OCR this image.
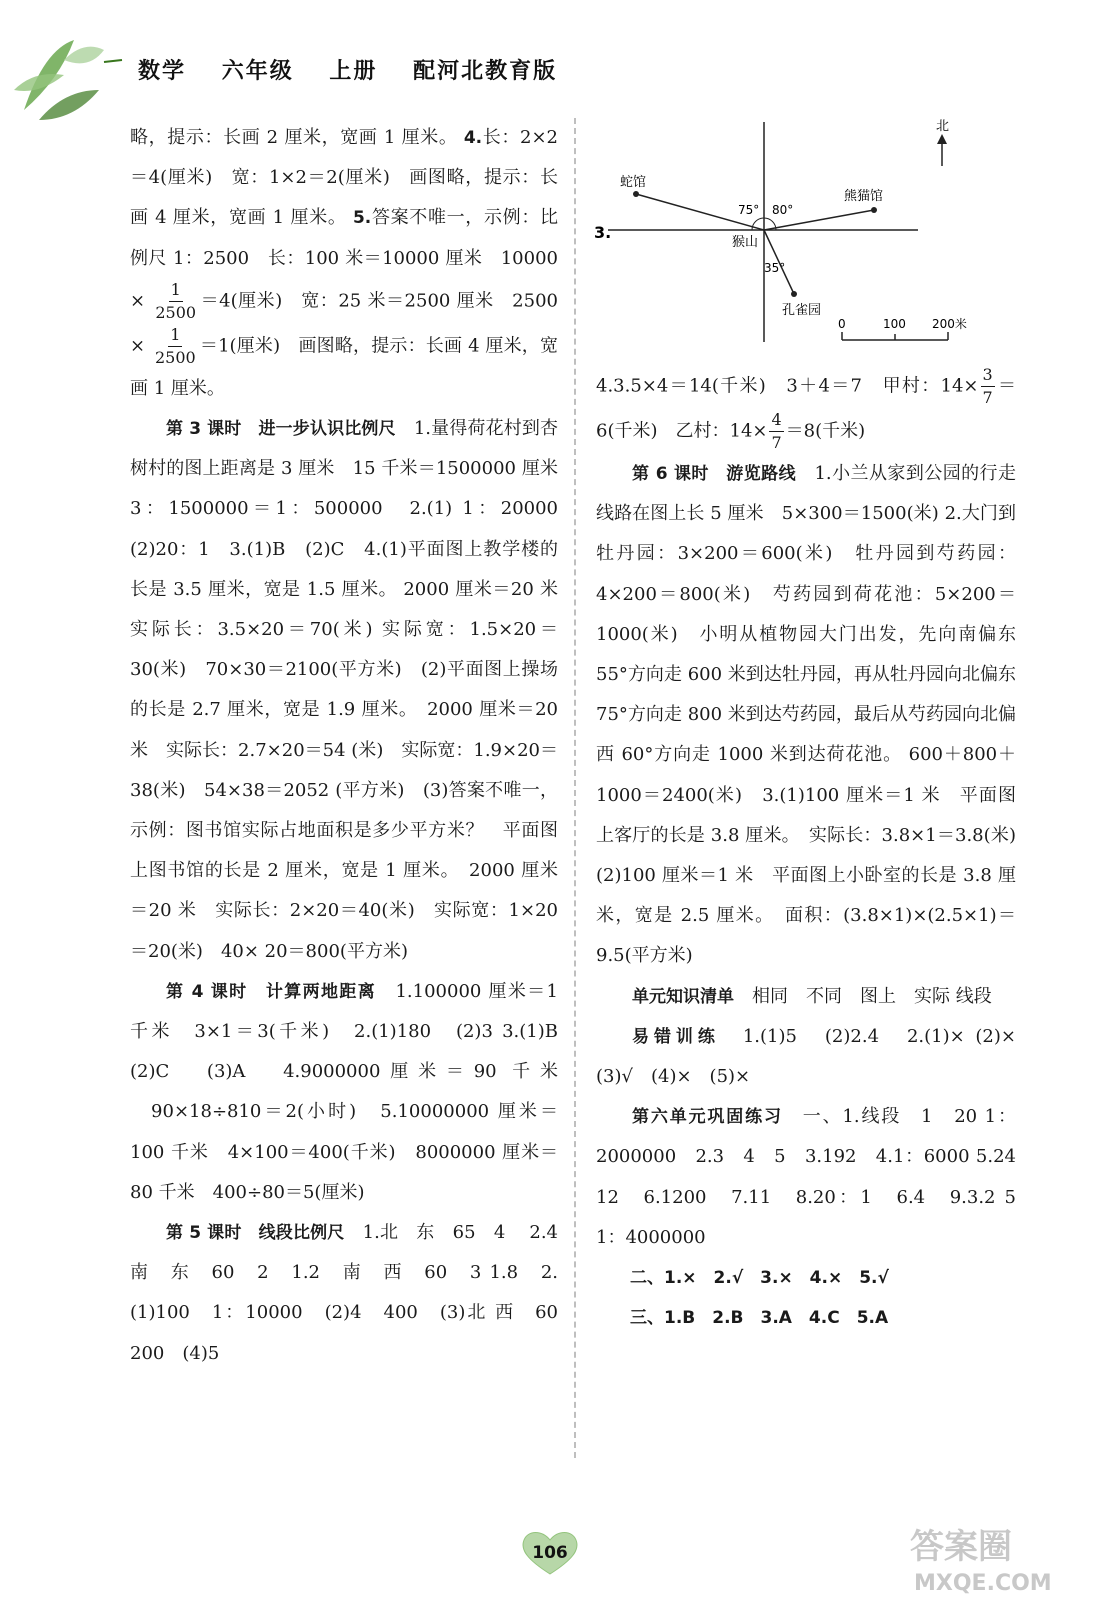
数学 六年级 上册 配河北教育版

略，提示：长画 2 厘米，宽画 1 厘米。 4.长：2×2 ＝4(厘米)　宽：1×2＝2(厘米)　画图略，提示：长画 4 厘米，宽画 1 厘米。 5.答案不唯一，示例：比例尺 1：2500　长：100 米＝10000 厘米　$10000 \times \frac{1}{2500} =4$(厘米)　宽：25 米＝2500 厘米　$2500 \times \frac{1}{2500} =1$(厘米)　画图略，提示：长画 4 厘米，宽画 1 厘米。

第 3 课时　进一步认识比例尺　 1.量得荷花村到杏树村的图上距离是 3 厘米　15 千米＝1500000 厘米　3：1500000＝1：500000　2.(1) 1：20000　(2)20：1　3.(1)B　(2)C　4.(1)平面图上教学楼的长是 3.5 厘米，宽是 1.5 厘米。 2000 厘米＝20 米　实际长：3.5×20＝70(米) 实际宽：1.5×20＝30(米)　70×30＝2100(平方米)　(2)平面图上操场的长是 2.7 厘米，宽是 1.9 厘米。　2000 厘米＝20 米　实际长：2.7×20＝54 (米)　实际宽：1.9×20＝38(米)　54×38＝2052 (平方米)　(3)答案不唯一，示例：图书馆实际占地面积是多少平方米？　平面图上图书馆的长是 2 厘米，宽是 1 厘米。　2000 厘米＝20 米　实际长：2×20＝40(米)　实际宽：1×20＝20(米)　40× 20＝800(平方米)

第 4 课时　计算两地距离　 1.100000 厘米＝1 千米　3×1＝3(千米)　2.(1)180　(2)3 3.(1)B　(2)C　(3)A　4.9000000厘米＝90 千米 　90×18÷810＝2(小时)　5.10000000 厘米＝100 千米　4×100＝400(千米)　8000000 厘米＝80 千米　400÷80＝5(厘米)

第 5 课时　线段比例尺　 1.北　东　65　4 　2.4　南　东　60　2　1.2　南　西　60　3 1.8　2.(1)100　1：10000　(2)4　400　(3)北 西　60　200　(4)5

北
3.
蛇馆
熊猫馆
猴山
孔雀园
75° 80°
35°
0	100 200米

4.3.5×4＝14(千米)　3＋4＝7　甲村：$14\times \frac{3}{7} =6$(千米)　乙村：$14\times \frac{4}{7} =8$(千米)

第 6 课时　游览路线　 1.小兰从家到公园的行走线路在图上长 5 厘米　5×300＝1500(米) 2.大门到牡丹园：3×200＝600(米)　牡丹园到芍药园：4×200＝800(米)　芍药园到荷花池：5×200＝1000(米)　小明从植物园大门出发，先向南偏东 55°方向走 600 米到达牡丹园，再从牡丹园向北偏东 75°方向走 800 米到达芍药园，最后从芍药园向北偏西 60°方向走 1000 米到达荷花池。 600＋800＋1000＝2400(米)　3.(1)100 厘米＝1 米　平面图上客厅的长是 3.8 厘米。　实际长：3.8×1＝3.8(米)　(2)100 厘米＝1 米　平面图上小卧室的长是 3.8 厘米，宽是 2.5 厘米。　面积：(3.8×1)×(2.5×1)＝9.5(平方米)

单元知识清单　 相同　不同　图上　实际 线段

易错训练　 1.(1)5　(2)2.4　2.(1)× (2)×　(3)√　(4)×　(5)×

第六单元巩固练习　 一、1.线段　1　20 1：2000000　2.3　4　5　3.192　4.1：6000 5.24　12　6.1200　7.11　8.20：1　6.4　9.3.2 5　1：4000000

二、1.×　2.√　3.×　4.×　5.√

三、1.B　2.B　3.A　4.C　5.A

106	答案圈
MXQE.COM
